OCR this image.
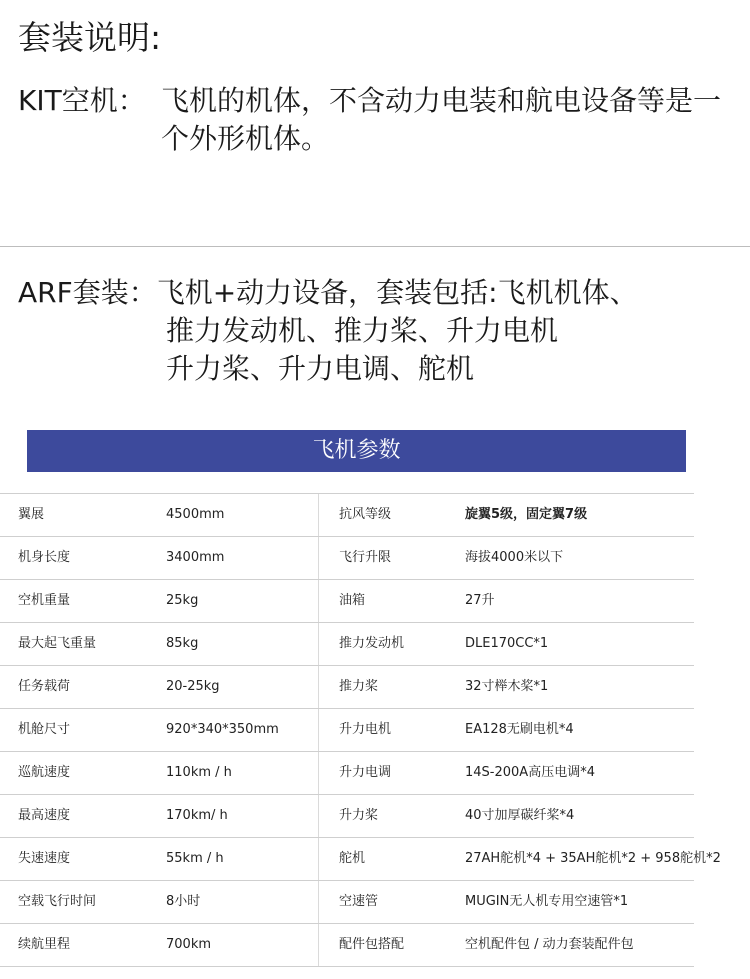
套装说明:
KIT空机： 飞机的机体，不含动力电装和航电设备等是一个外形机体。
ARF套装：飞机+动力设备，套装包括:飞机机体、
推力发动机、推力桨、升力电机
升力桨、升力电调、舵机
飞机参数
翼展	4500mm	抗风等级	旋翼5级，固定翼7级
机身长度	3400mm	飞行升限	海拔4000米以下
空机重量	25kg	油箱	27升
最大起飞重量	85kg	推力发动机	DLE170CC*1
任务载荷	20-25kg	推力桨	32寸榉木桨*1
机舱尺寸	920*340*350mm	升力电机	EA128无刷电机*4
巡航速度	110km / h	升力电调	14S-200A高压电调*4
最高速度	170km/ h	升力桨	40寸加厚碳纤桨*4
失速速度	55km / h	舵机	27AH舵机*4 + 35AH舵机*2 + 958舵机*2
空载飞行时间	8小时	空速管	MUGIN无人机专用空速管*1
续航里程	700km	配件包搭配	空机配件包 / 动力套装配件包
